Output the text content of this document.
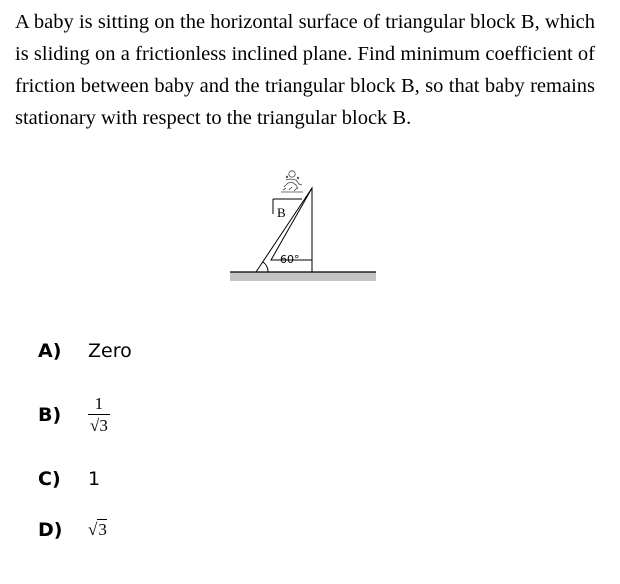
A baby is sitting on the horizontal surface of triangular block B, which is sliding on a frictionless inclined plane. Find minimum coefficient of friction between baby and the triangular block B, so that baby remains stationary with respect to the triangular block B.
B
60°
A)	Zero
B)	$\frac{1}{√3}$
C)	1
D)	√3
